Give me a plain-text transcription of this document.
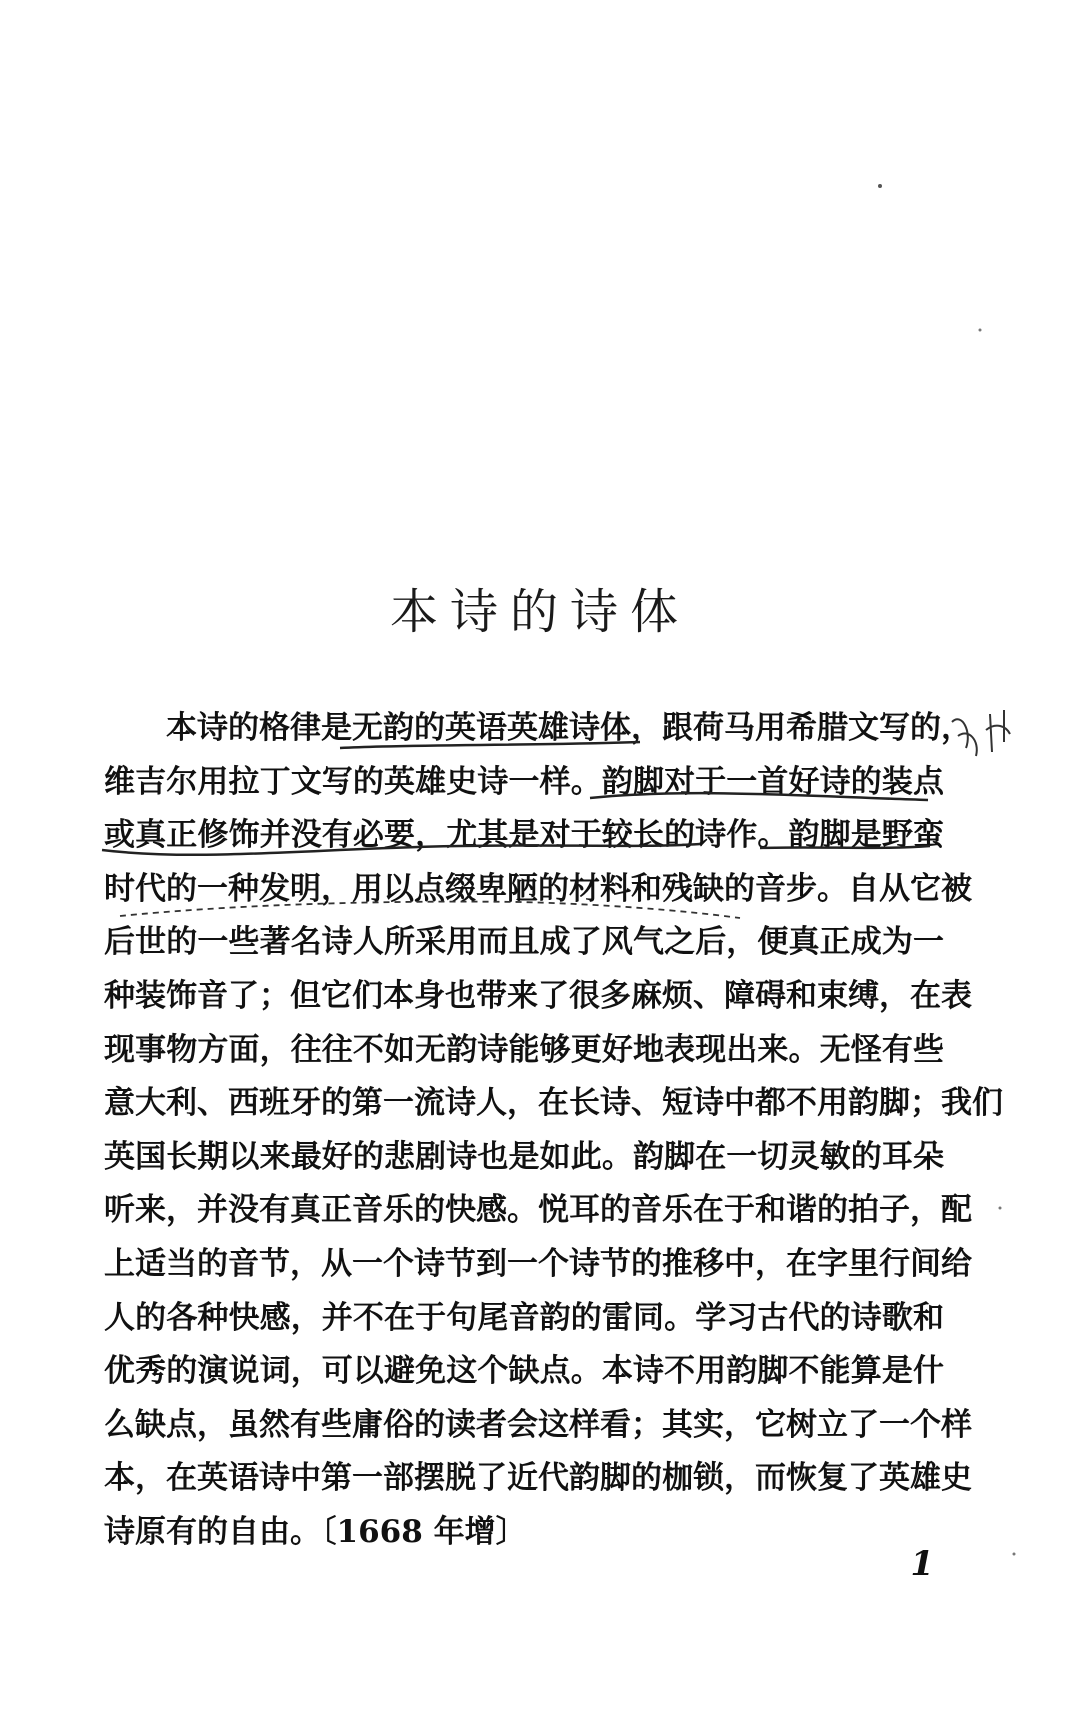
本诗的诗体
本诗的格律是无韵的英语英雄诗体，跟荷马用希腊文写的，
维吉尔用拉丁文写的英雄史诗一样。韵脚对于一首好诗的装点
或真正修饰并没有必要，尤其是对于较长的诗作。韵脚是野蛮
时代的一种发明，用以点缀卑陋的材料和残缺的音步。自从它被
后世的一些著名诗人所采用而且成了风气之后，便真正成为一
种装饰音了；但它们本身也带来了很多麻烦、障碍和束缚，在表
现事物方面，往往不如无韵诗能够更好地表现出来。无怪有些
意大利、西班牙的第一流诗人，在长诗、短诗中都不用韵脚；我们
英国长期以来最好的悲剧诗也是如此。韵脚在一切灵敏的耳朵
听来，并没有真正音乐的快感。悦耳的音乐在于和谐的拍子，配
上适当的音节，从一个诗节到一个诗节的推移中，在字里行间给
人的各种快感，并不在于句尾音韵的雷同。学习古代的诗歌和
优秀的演说词，可以避免这个缺点。本诗不用韵脚不能算是什
么缺点，虽然有些庸俗的读者会这样看；其实，它树立了一个样
本，在英语诗中第一部摆脱了近代韵脚的枷锁，而恢复了英雄史
诗原有的自由。〔1668 年增〕
1
